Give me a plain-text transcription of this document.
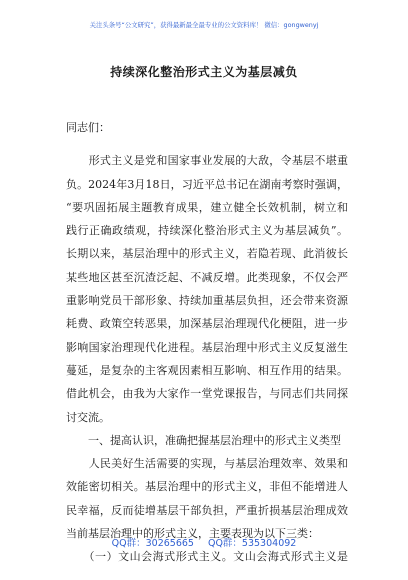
关注头条号“公文研究”，获得最新最全最专业的公文资料库！ 微信：gongwenyj
持续深化整治形式主义为基层减负
同志们：
　　形式主义是党和国家事业发展的大敌，令基层不堪重
负。2024年3月18日，习近平总书记在湖南考察时强调，
“要巩固拓展主题教育成果，建立健全长效机制，树立和
践行正确政绩观，持续深化整治形式主义为基层减负”。
长期以来，基层治理中的形式主义，若隐若现、此消彼长
某些地区甚至沉渣泛起、不减反增。此类现象，不仅会严
重影响党员干部形象、持续加重基层负担，还会带来资源
耗费、政策空转恶果，加深基层治理现代化梗阻，进一步
影响国家治理现代化进程。基层治理中形式主义反复滋生
蔓延，是复杂的主客观因素相互影响、相互作用的结果。
借此机会，由我为大家作一堂党课报告，与同志们共同探
讨交流。
　　一、提高认识，准确把握基层治理中的形式主义类型
　　人民美好生活需要的实现，与基层治理效率、效果和
效能密切相关。基层治理中的形式主义，非但不能增进人
民幸福，反而徒增基层干部负担，严重折损基层治理成效
当前基层治理中的形式主义，主要表现为以下三类：
　　（一）文山会海式形式主义。文山会海式形式主义是
QQ群：30265665 QQ群：535304092
